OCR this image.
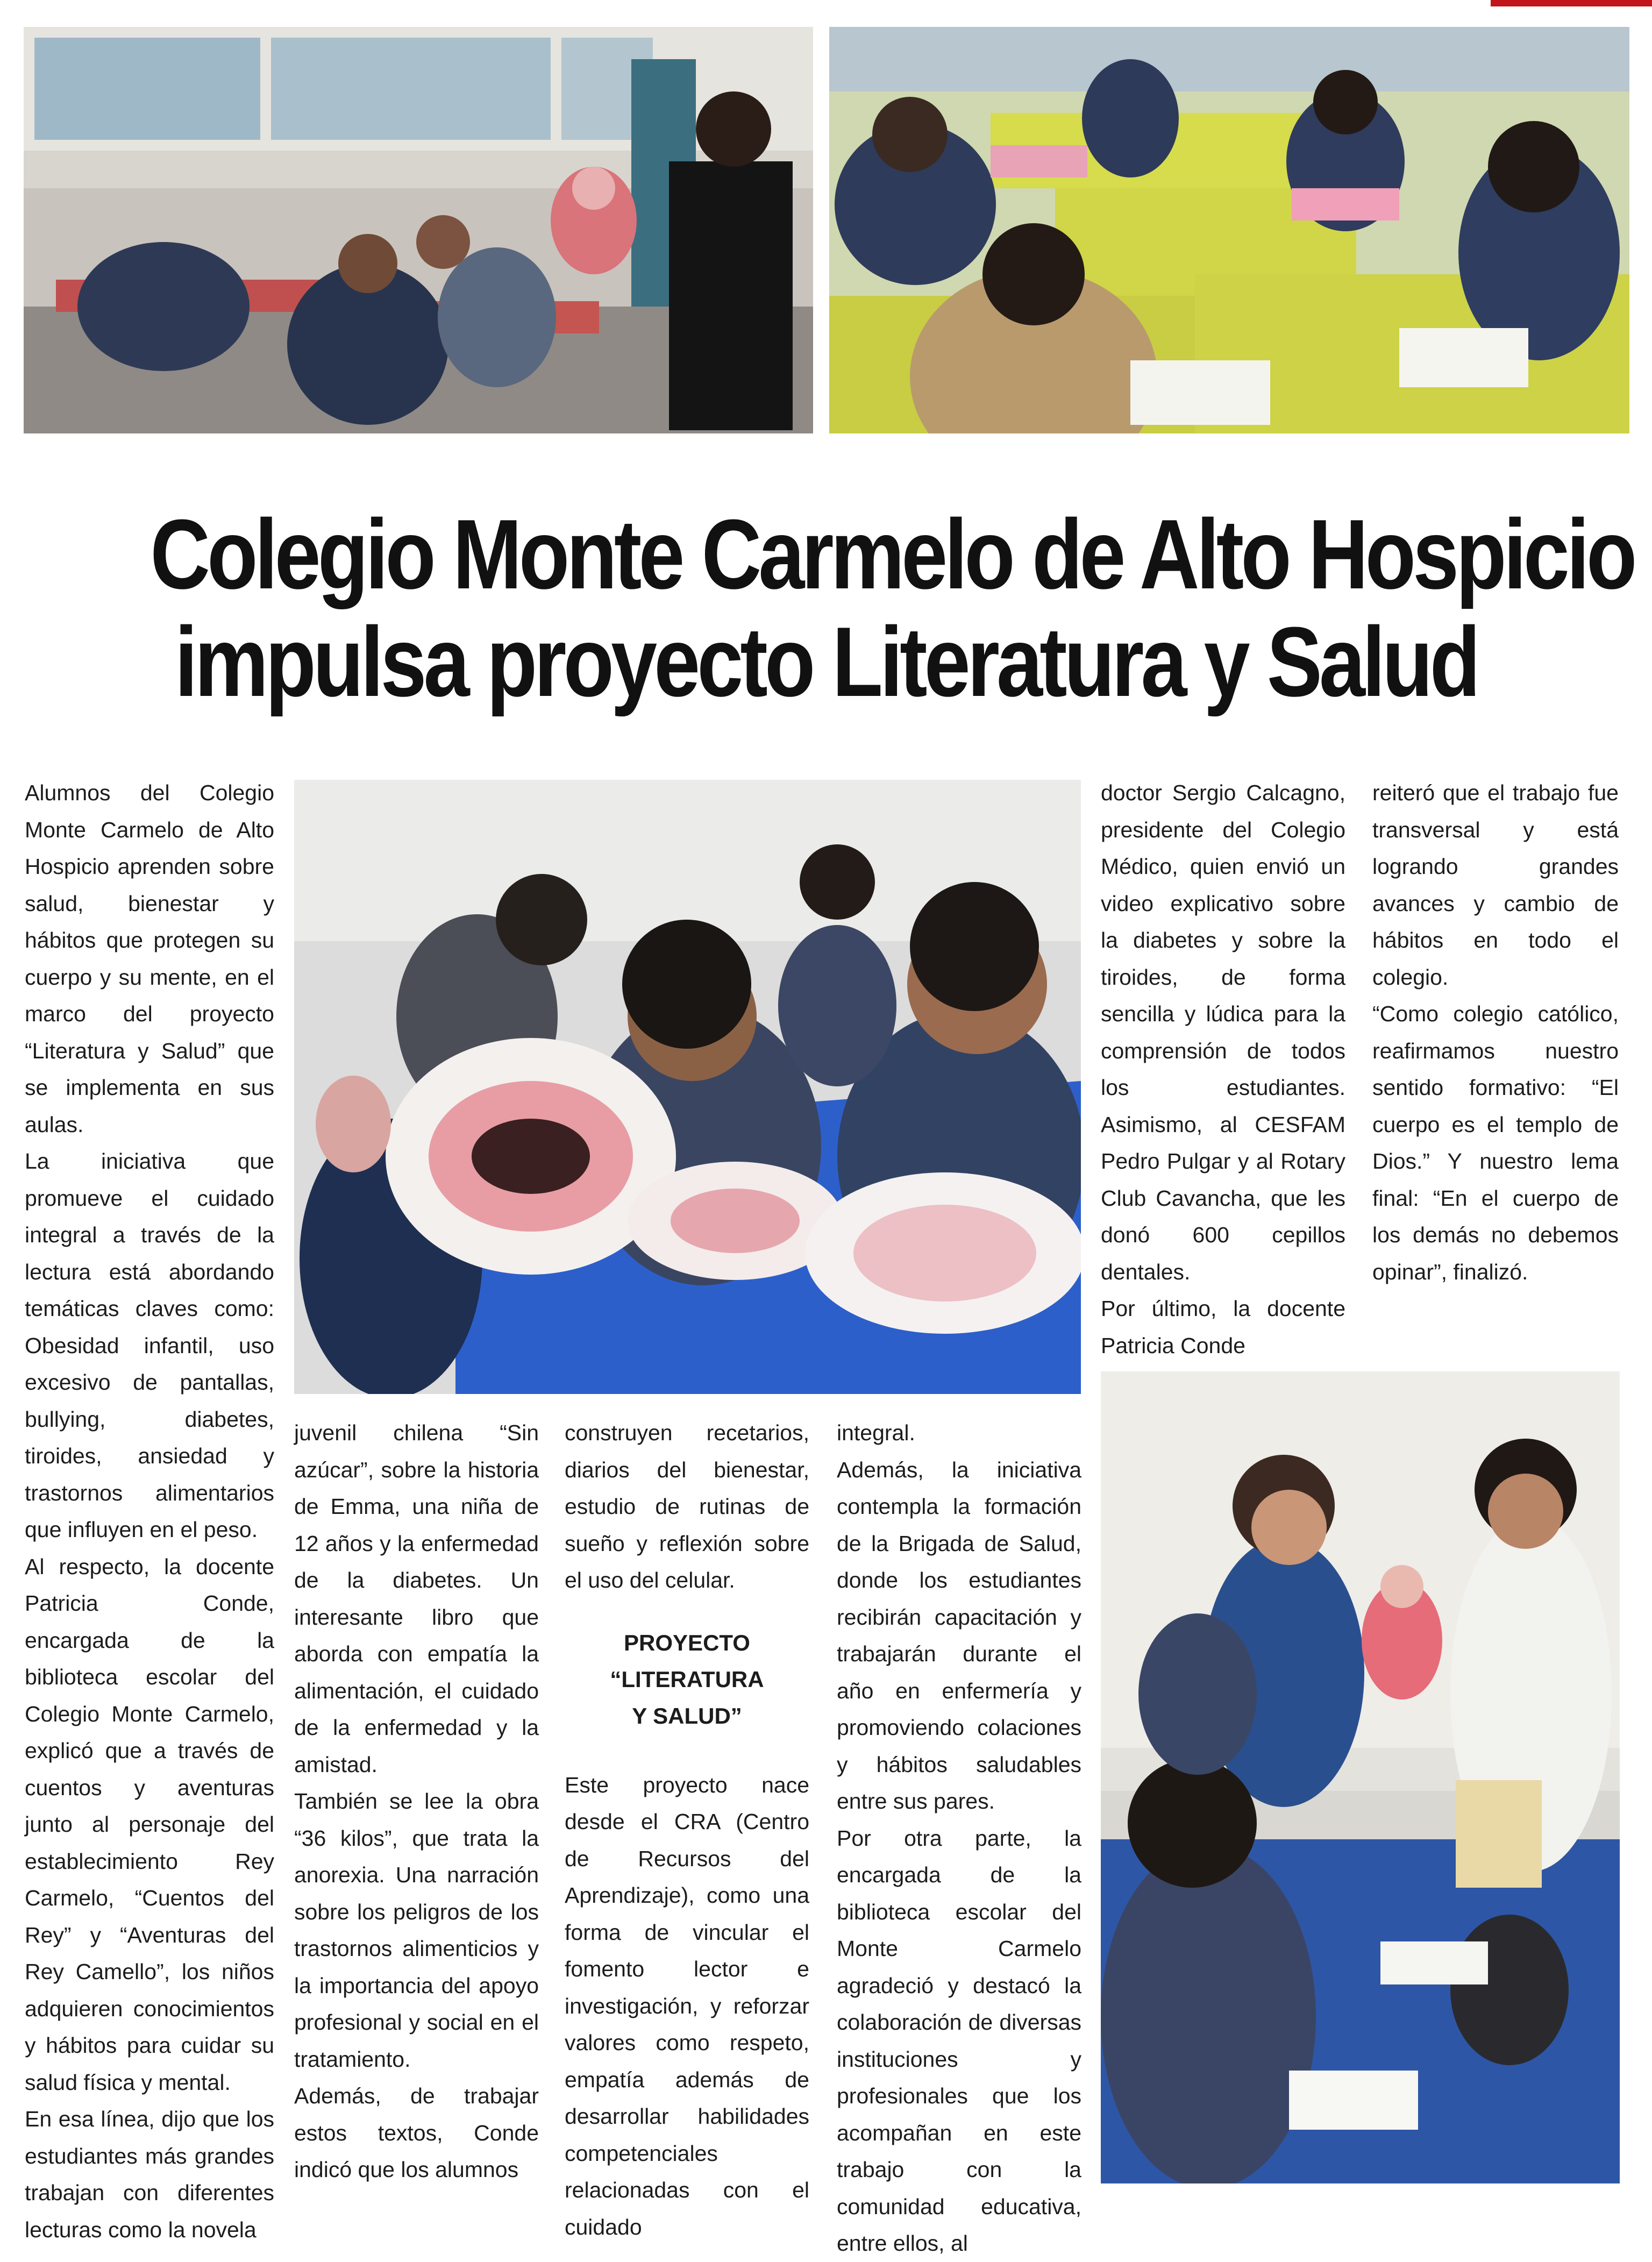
Colegio Monte Carmelo de Alto Hospicio
impulsa proyecto Literatura y Salud

Alumnos del Colegio Monte Carmelo de Alto Hospicio aprenden sobre salud, bienestar y hábitos que protegen su cuerpo y su mente, en el marco del proyecto “Literatura y Salud” que se implementa en sus aulas.

La iniciativa que promueve el cuidado integral a través de la lectura está abordando temáticas claves como: Obesidad infantil, uso excesivo de pantallas, bullying, diabetes, tiroides, ansiedad y trastornos alimentarios que influyen en el peso.

Al respecto, la docente Patricia Conde, encargada de la biblioteca escolar del Colegio Monte Carmelo, explicó que a través de cuentos y aventuras junto al personaje del establecimiento Rey Carmelo, “Cuentos del Rey” y “Aventuras del Rey Camello”, los niños adquieren conocimientos y hábitos para cuidar su salud física y mental.

En esa línea, dijo que los estudiantes más grandes trabajan con diferentes lecturas como la novela

juvenil chilena “Sin azúcar”, sobre la historia de Emma, una niña de 12 años y la enfermedad de la diabetes. Un interesante libro que aborda con empatía la alimentación, el cuidado de la enfermedad y la amistad.

También se lee la obra “36 kilos”, que trata la anorexia. Una narración sobre los peligros de los trastornos alimenticios y la importancia del apoyo profesional y social en el tratamiento.

Además, de trabajar estos textos, Conde indicó que los alumnos

construyen recetarios, diarios del bienestar, estudio de rutinas de sueño y reflexión sobre el uso del celular.

PROYECTO
“LITERATURA
Y SALUD”

Este proyecto nace desde el CRA (Centro de Recursos del Aprendizaje), como una forma de vincular el fomento lector e investigación, y reforzar valores como respeto, empatía además de desarrollar habilidades competenciales relacionadas con el cuidado

integral.

Además, la iniciativa contempla la formación de la Brigada de Salud, donde los estudiantes recibirán capacitación y trabajarán durante el año en enfermería y promoviendo colaciones y hábitos saludables entre sus pares.

Por otra parte, la encargada de la biblioteca escolar del Monte Carmelo agradeció y destacó la colaboración de diversas instituciones y profesionales que los acompañan en este trabajo con la comunidad educativa, entre ellos, al

doctor Sergio Calcagno, presidente del Colegio Médico, quien envió un video explicativo sobre la diabetes y sobre la tiroides, de forma sencilla y lúdica para la comprensión de todos los estudiantes. Asimismo, al CESFAM Pedro Pulgar y al Rotary Club Cavancha, que les donó 600 cepillos dentales.

Por último, la docente Patricia Conde

reiteró que el trabajo fue transversal y está logrando grandes avances y cambio de hábitos en todo el colegio.

“Como colegio católico, reafirmamos nuestro sentido formativo: “El cuerpo es el templo de Dios.” Y nuestro lema final: “En el cuerpo de los demás no debemos opinar”, finalizó.
